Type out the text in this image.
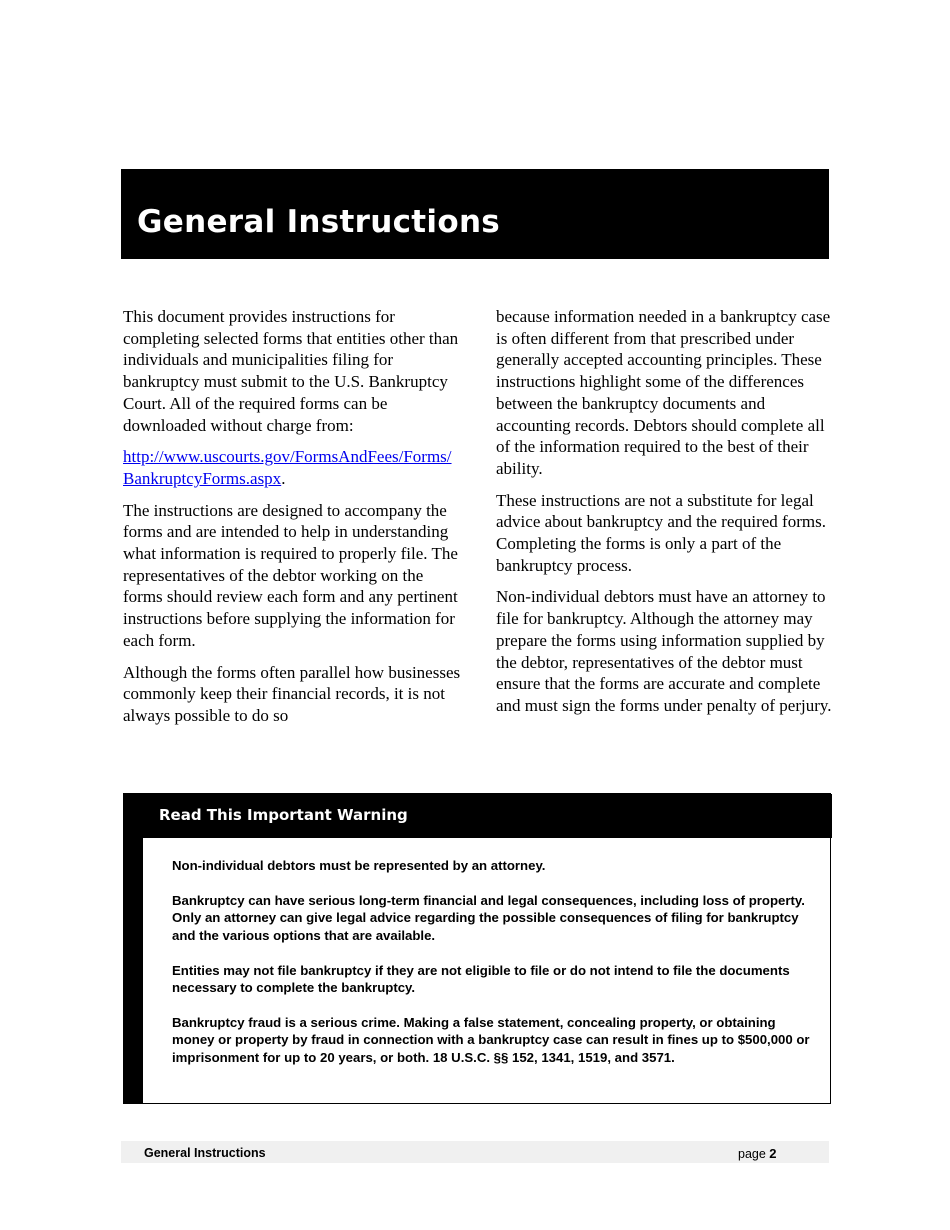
General Instructions

This document provides instructions for completing selected forms that entities other than individuals and municipalities filing for bankruptcy must submit to the U.S. Bankruptcy Court. All of the required forms can be downloaded without charge from:

http://www.uscourts.gov/FormsAndFees/Forms/
BankruptcyForms.aspx.

The instructions are designed to accompany the forms and are intended to help in understanding what information is required to properly file. The representatives of the debtor working on the forms should review each form and any pertinent instructions before supplying the information for each form.

Although the forms often parallel how businesses commonly keep their financial records, it is not always possible to do so

because information needed in a bankruptcy case is often different from that prescribed under generally accepted accounting principles. These instructions highlight some of the differences between the bankruptcy documents and accounting records. Debtors should complete all of the information required to the best of their ability.

These instructions are not a substitute for legal advice about bankruptcy and the required forms. Completing the forms is only a part of the bankruptcy process.

Non-individual debtors must have an attorney to file for bankruptcy. Although the attorney may prepare the forms using information supplied by the debtor, representatives of the debtor must ensure that the forms are accurate and complete and must sign the forms under penalty of perjury.

Read This Important Warning

Non-individual debtors must be represented by an attorney.

Bankruptcy can have serious long-term financial and legal consequences, including loss of property. Only an attorney can give legal advice regarding the possible consequences of filing for bankruptcy and the various options that are available.

Entities may not file bankruptcy if they are not eligible to file or do not intend to file the documents necessary to complete the bankruptcy.

Bankruptcy fraud is a serious crime. Making a false statement, concealing property, or obtaining money or property by fraud in connection with a bankruptcy case can result in fines up to $500,000 or imprisonment for up to 20 years, or both. 18 U.S.C. §§ 152, 1341, 1519, and 3571.

General Instructions	page 2
